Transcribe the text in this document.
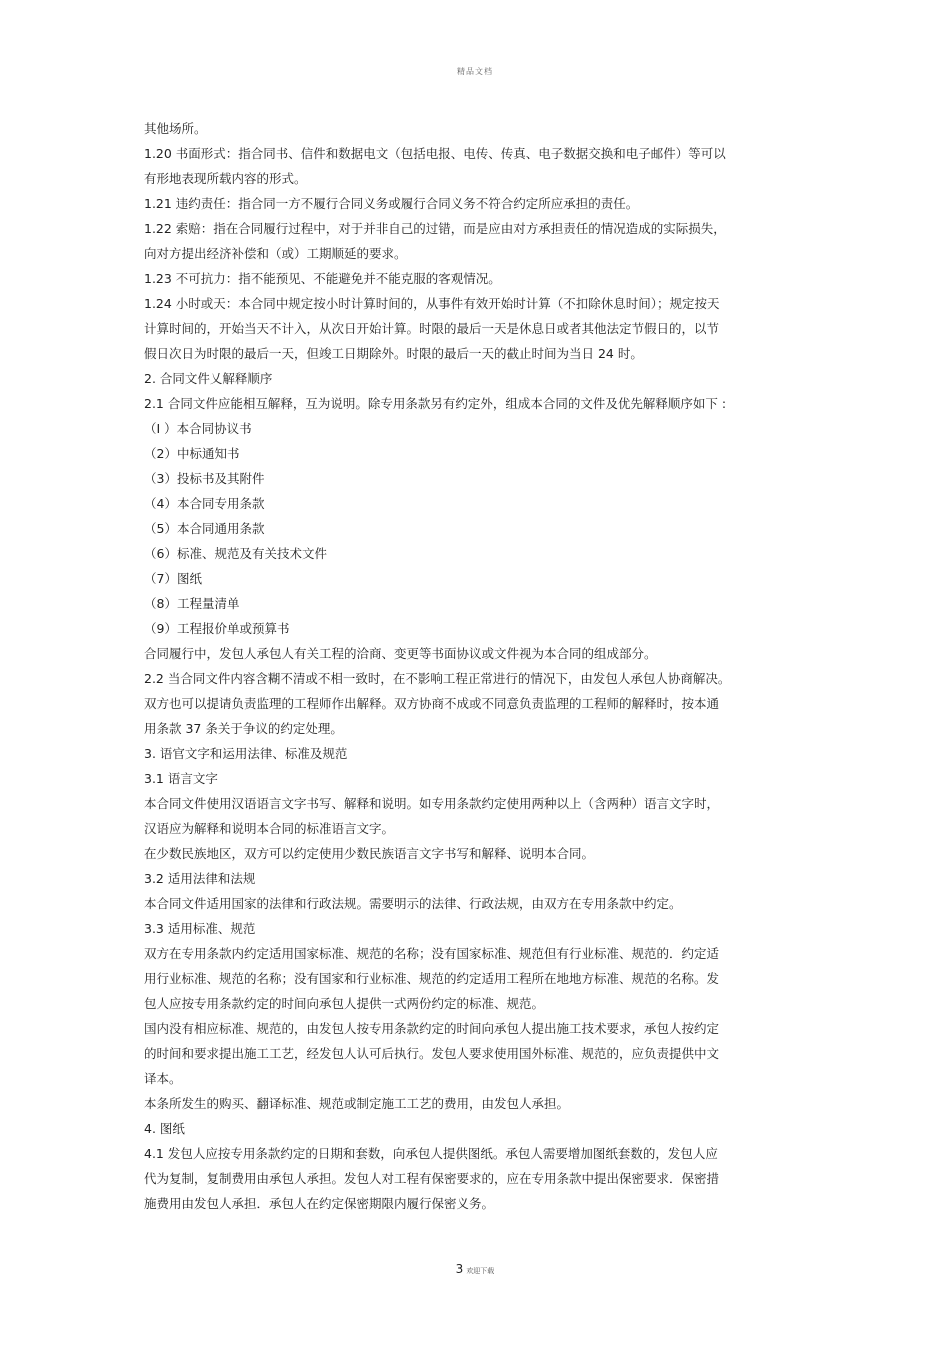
精品文档
其他场所。
1.20 书面形式：指合同书、信件和数据电文（包括电报、电传、传真、电子数据交换和电子邮件）等可以
有形地表现所载内容的形式。
1.21 违约责任：指合同一方不履行合同义务或履行合同义务不符合约定所应承担的责任。
1.22 索赔：指在合同履行过程中，对于并非自己的过错，而是应由对方承担责任的情况造成的实际损失，
向对方提出经济补偿和（或）工期顺延的要求。
1.23 不可抗力：指不能预见、不能避免并不能克服的客观情况。
1.24 小时或天：本合同中规定按小时计算时间的，从事件有效开始时计算（不扣除休息时间）；规定按天
计算时间的，开始当天不计入，从次日开始计算。时限的最后一天是休息日或者其他法定节假日的，以节
假日次日为时限的最后一天，但竣工日期除外。时限的最后一天的截止时间为当日 24 时。
2. 合同文件乂解释顺序
2.1 合同文件应能相互解释，互为说明。除专用条款另有约定外，组成本合同的文件及优先解释顺序如下 :
（I ）本合同协议书
（2）中标通知书
（3）投标书及其附件
（4）本合同专用条款
（5）本合同通用条款
（6）标准、规范及有关技术文件
（7）图纸
（8）工程量清单
（9）工程报价单或预算书
合同履行中，发包人承包人有关工程的洽商、变更等书面协议或文件视为本合同的组成部分。
2.2 当合同文件内容含糊不清或不相一致时，在不影响工程正常进行的情况下，由发包人承包人协商解决。
双方也可以提请负责监理的工程师作出解释。双方协商不成或不同意负责监理的工程师的解释时，按本通
用条款 37 条关于争议的约定处理。
3. 语官文字和运用法律、标准及规范
3.1 语言文字
本合同文件使用汉语语言文字书写、解释和说明。如专用条款约定使用两种以上（含两种）语言文字时，
汉语应为解释和说明本合同的标准语言文字。
在少数民族地区，双方可以约定使用少数民族语言文字书写和解释、说明本合同。
3.2 适用法律和法规
本合同文件适用国家的法律和行政法规。需要明示的法律、行政法规，由双方在专用条款中约定。
3.3 适用标准、规范
双方在专用条款内约定适用国家标准、规范的名称；没有国家标准、规范但有行业标准、规范的．约定适
用行业标准、规范的名称；没有国家和行业标准、规范的约定适用工程所在地地方标准、规范的名称。发
包人应按专用条款约定的时间向承包人提供一式两份约定的标准、规范。
国内没有相应标准、规范的，由发包人按专用条款约定的时间向承包人提出施工技术要求，承包人按约定
的时间和要求提出施工工艺，经发包人认可后执行。发包人要求使用国外标准、规范的，应负责提供中文
译本。
本条所发生的购买、翻译标准、规范或制定施工工艺的费用，由发包人承担。
4. 图纸
4.1 发包人应按专用条款约定的日期和套数，向承包人提供图纸。承包人需要增加图纸套数的，发包人应
代为复制，复制费用由承包人承担。发包人对工程有保密要求的，应在专用条款中提出保密要求．保密措
施费用由发包人承担．承包人在约定保密期限内履行保密义务。
3 欢迎下载
